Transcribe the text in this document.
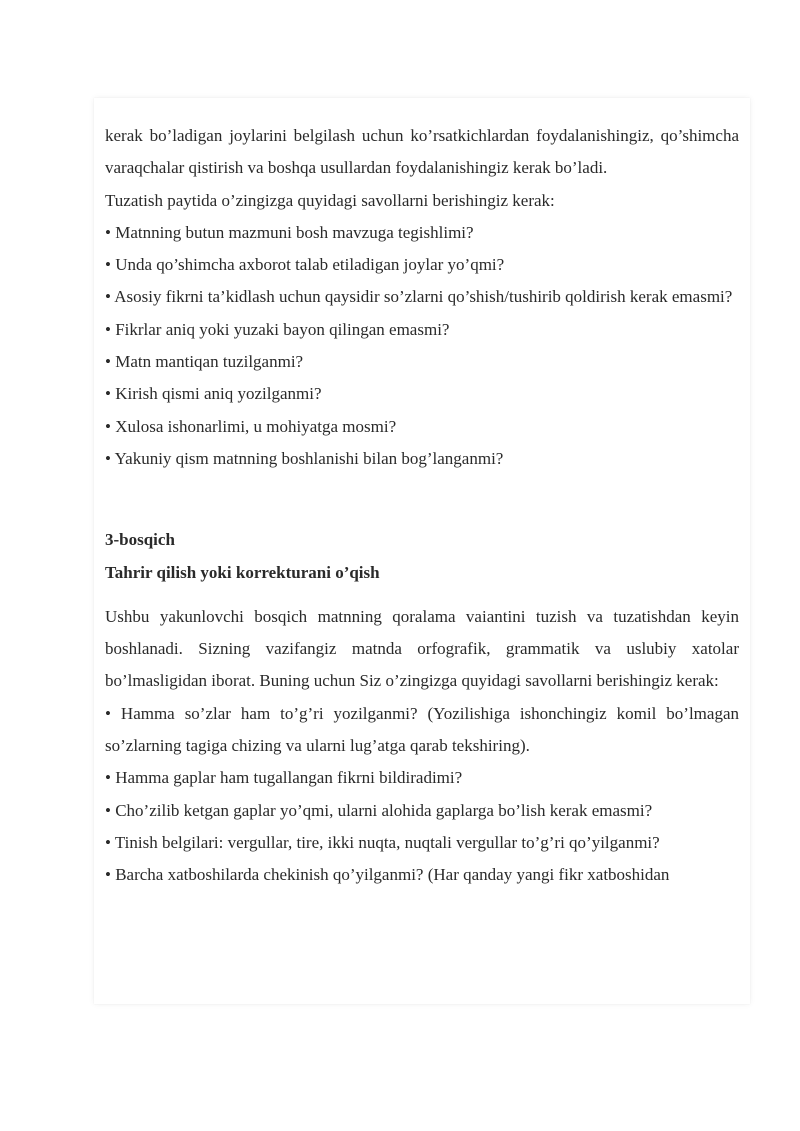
kerak bo’ladigan joylarini belgilash uchun ko’rsatkichlardan foydalanishingiz, qo’shimcha varaqchalar qistirish va boshqa usullardan foydalanishingiz kerak bo’ladi.

Tuzatish paytida o’zingizga quyidagi savollarni berishingiz kerak:

• Matnning butun mazmuni bosh mavzuga tegishlimi?

• Unda qo’shimcha axborot talab etiladigan joylar yo’qmi?

• Asosiy fikrni ta’kidlash uchun qaysidir so’zlarni qo’shish/tushirib qoldirish kerak emasmi?

• Fikrlar aniq yoki yuzaki bayon qilingan emasmi?

• Matn mantiqan tuzilganmi?

• Kirish qismi aniq yozilganmi?

• Xulosa ishonarlimi, u mohiyatga mosmi?

• Yakuniy qism matnning boshlanishi bilan bog’langanmi?

3-bosqich

Tahrir qilish yoki korrekturani o’qish

Ushbu yakunlovchi bosqich matnning qoralama vaiantini tuzish va tuzatishdan keyin boshlanadi. Sizning vazifangiz matnda orfografik, grammatik va uslubiy xatolar bo’lmasligidan iborat. Buning uchun Siz o’zingizga quyidagi savollarni berishingiz kerak:

• Hamma so’zlar ham to’g’ri yozilganmi? (Yozilishiga ishonchingiz komil bo’lmagan so’zlarning tagiga chizing va ularni lug’atga qarab tekshiring).

• Hamma gaplar ham tugallangan fikrni bildiradimi?

• Cho’zilib ketgan gaplar yo’qmi, ularni alohida gaplarga bo’lish kerak emasmi?

• Tinish belgilari: vergullar, tire, ikki nuqta, nuqtali vergullar to’g’ri qo’yilganmi?

• Barcha xatboshilarda chekinish qo’yilganmi? (Har qanday yangi fikr xatboshidan
